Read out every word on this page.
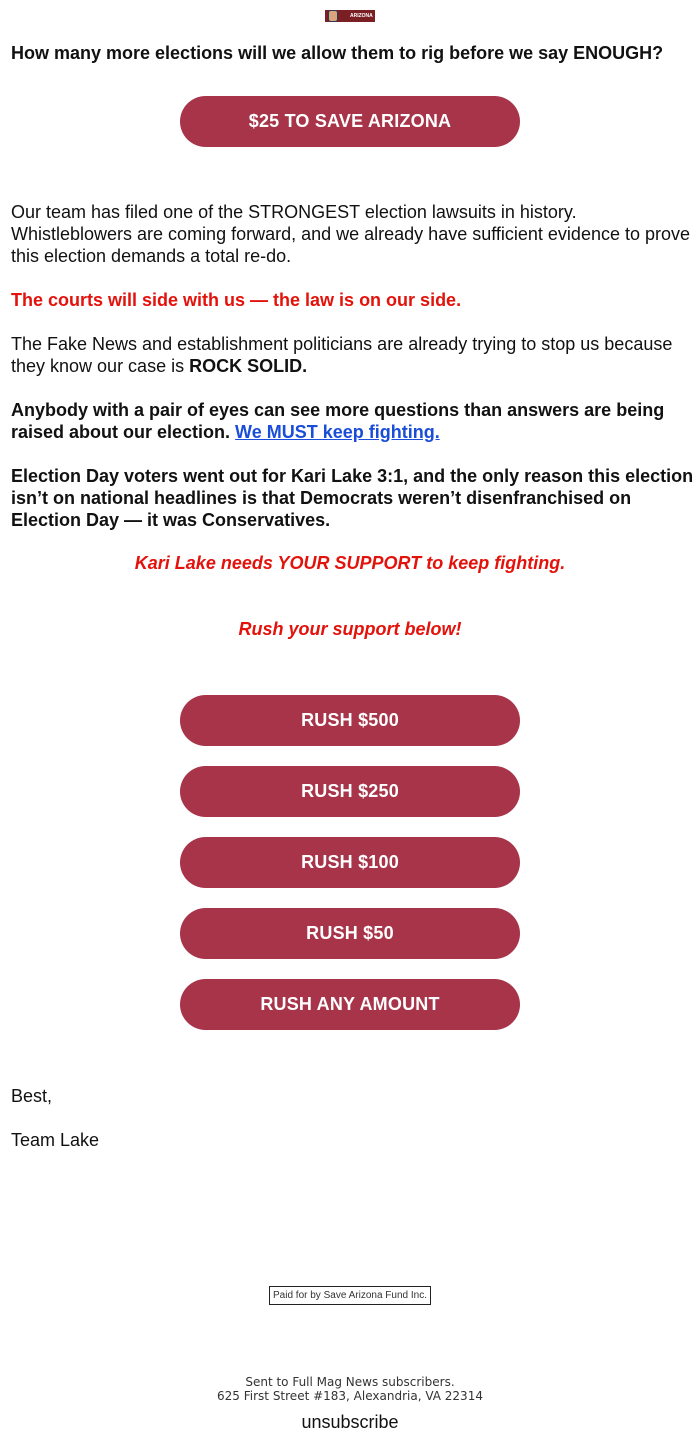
ARIZONA
How many more elections will we allow them to rig before we say ENOUGH?
$25 TO SAVE ARIZONA
Our team has filed one of the STRONGEST election lawsuits in history. Whistleblowers are coming forward, and we already have sufficient evidence to prove this election demands a total re-do.
The courts will side with us — the law is on our side.
The Fake News and establishment politicians are already trying to stop us because they know our case is ROCK SOLID.
Anybody with a pair of eyes can see more questions than answers are being raised about our election. We MUST keep fighting.
Election Day voters went out for Kari Lake 3:1, and the only reason this election isn’t on national headlines is that Democrats weren’t disenfranchised on Election Day — it was Conservatives.
Kari Lake needs YOUR SUPPORT to keep fighting.
Rush your support below!
RUSH $500
RUSH $250
RUSH $100
RUSH $50
RUSH ANY AMOUNT
Best,
Team Lake
Paid for by Save Arizona Fund Inc.
Sent to Full Mag News subscribers.
625 First Street #183, Alexandria, VA 22314
unsubscribe
